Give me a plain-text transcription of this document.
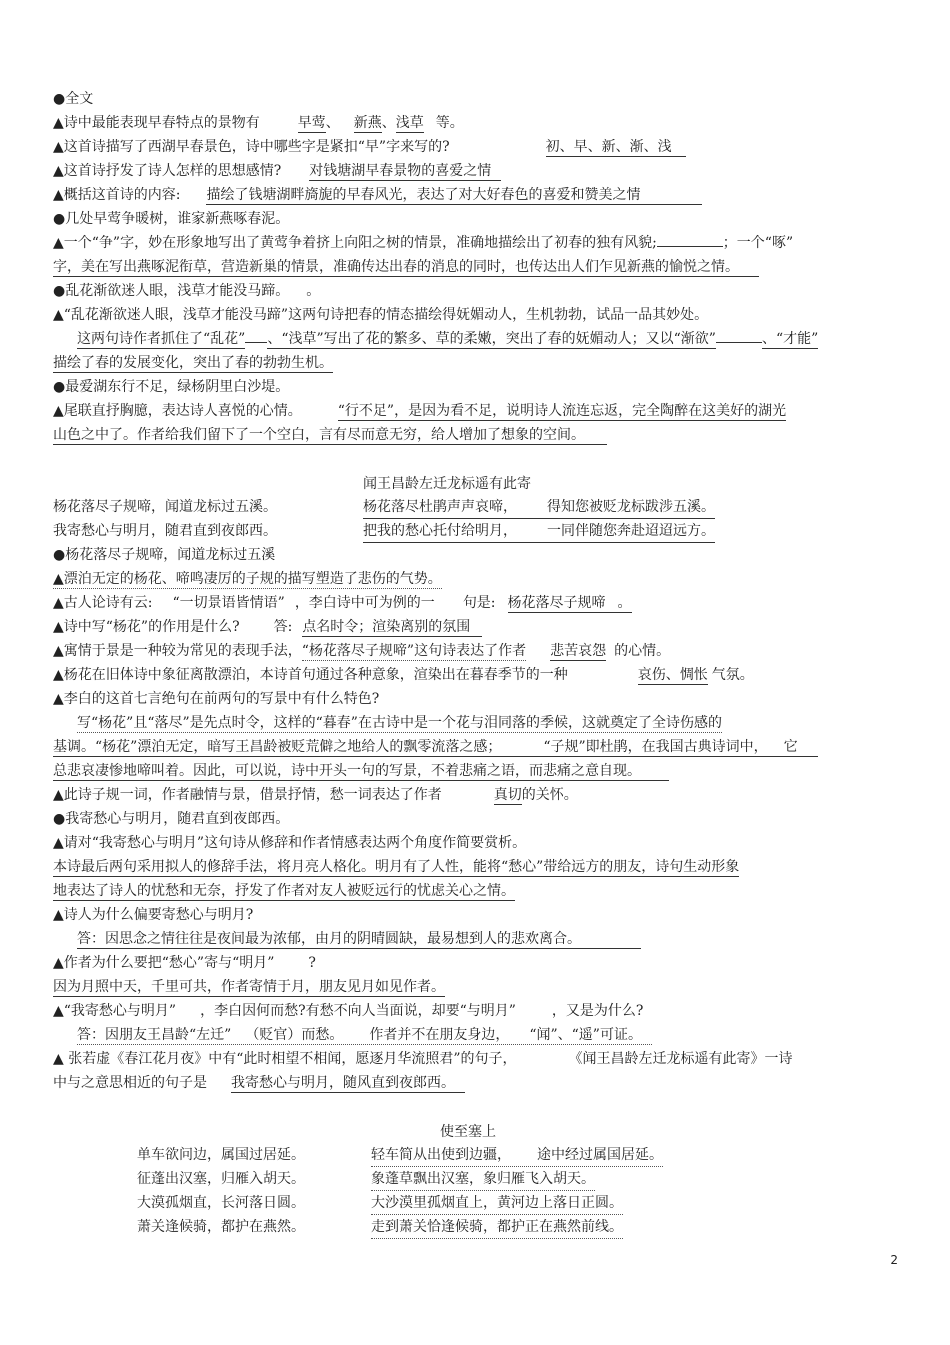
●全文
▲诗中最能表现早春特点的景物有	早莺、 新燕、浅草 等。
▲这首诗描写了西湖早春景色，诗中哪些字是紧扣“早”字来写的?	初、早、新、渐、浅
▲这首诗抒发了诗人怎样的思想感情? 对钱塘湖早春景物的喜爱之情
▲概括这首诗的内容: 描绘了钱塘湖畔旖旎的早春风光，表达了对大好春色的喜爱和赞美之情
●几处早莺争暖树，谁家新燕啄春泥。
▲一个“争”字，妙在形象地写出了黄莺争着挤上向阳之树的情景，准确地描绘出了初春的独有风貌;	；一个“啄”
字，美在写出燕啄泥衔草，营造新巢的情景，准确传达出春的消息的同时，也传达出人们乍见新燕的愉悦之情。
●乱花渐欲迷人眼，浅草才能没马蹄。 。
▲“乱花渐欲迷人眼，浅草才能没马蹄”这两句诗把春的情态描绘得妩媚动人，生机勃勃，试品一品其妙处。
这两句诗作者抓住了“乱花” 、“浅草”写出了花的繁多、草的柔嫩，突出了春的妩媚动人；又以“渐欲”	、“才能”
描绘了春的发展变化，突出了春的勃勃生机。
●最爱湖东行不足，绿杨阴里白沙堤。
▲尾联直抒胸臆，表达诗人喜悦的心情。	“行不足”，是因为看不足，说明诗人流连忘返，完全陶醉在这美好的湖光
山色之中了。作者给我们留下了一个空白，言有尽而意无穷，给人增加了想象的空间。
闻王昌龄左迁龙标遥有此寄
杨花落尽子规啼，闻道龙标过五溪。	杨花落尽杜鹃声声哀啼， 得知您被贬龙标跋涉五溪。
我寄愁心与明月，随君直到夜郎西。	把我的愁心托付给明月， 一同伴随您奔赴迢迢远方。
●杨花落尽子规啼，闻道龙标过五溪
▲漂泊无定的杨花、啼鸣凄厉的子规的描写塑造了悲伤的气势。
▲古人论诗有云: “一切景语皆情语” ，李白诗中可为例的一 句是: 杨花落尽子规啼 。
▲诗中写“杨花”的作用是什么? 答: 点名时令；渲染离别的氛围
▲寓情于景是一种较为常见的表现手法，“杨花落尽子规啼”这句诗表达了作者 悲苦哀怨 的心情。
▲杨花在旧体诗中象征离散漂泊，本诗首句通过各种意象，渲染出在暮春季节的一种	哀伤、惆怅 气氛。
▲李白的这首七言绝句在前两句的写景中有什么特色?
写“杨花”且“落尽”是先点时令，这样的“暮春”在古诗中是一个花与泪同落的季候，这就奠定了全诗伤感的
基调。“杨花”漂泊无定，暗写王昌龄被贬荒僻之地给人的飘零流落之感；	“子规”即杜鹃，在我国古典诗词中， 它
总悲哀凄惨地啼叫着。因此，可以说，诗中开头一句的写景，不着悲痛之语，而悲痛之意自现。
▲此诗子规一词，作者融情与景，借景抒情，愁一词表达了作者	真切的关怀。
●我寄愁心与明月，随君直到夜郎西。
▲请对“我寄愁心与明月”这句诗从修辞和作者情感表达两个角度作简要赏析。
本诗最后两句采用拟人的修辞手法，将月亮人格化。明月有了人性，能将“愁心”带给远方的朋友，诗句生动形象
地表达了诗人的忧愁和无奈，抒发了作者对友人被贬远行的忧虑关心之情。
▲诗人为什么偏要寄愁心与明月?
答：因思念之情往往是夜间最为浓郁，由月的阴晴圆缺，最易想到人的悲欢离合。
▲作者为什么要把“愁心”寄与“明月” ?
因为月照中天，千里可共，作者寄情于月，朋友见月如见作者。
▲“我寄愁心与明月” ，李白因何而愁?有愁不向人当面说，却要“与明月”	，又是为什么?
答：因朋友王昌龄“左迁” （贬官）而愁。 作者并不在朋友身边， “闻”、“遥”可证。
▲ 张若虚《春江花月夜》中有“此时相望不相闻，愿逐月华流照君”的句子，	《闻王昌龄左迁龙标遥有此寄》一诗
中与之意思相近的句子是 我寄愁心与明月，随风直到夜郎西。
使至塞上
单车欲问边，属国过居延。	轻车简从出使到边疆， 途中经过属国居延。
征蓬出汉塞，归雁入胡天。	象蓬草飘出汉塞，象归雁飞入胡天。
大漠孤烟直，长河落日圆。	大沙漠里孤烟直上，黄河边上落日正圆。
萧关逢候骑，都护在燕然。	走到萧关恰逢候骑，都护正在燕然前线。
2
